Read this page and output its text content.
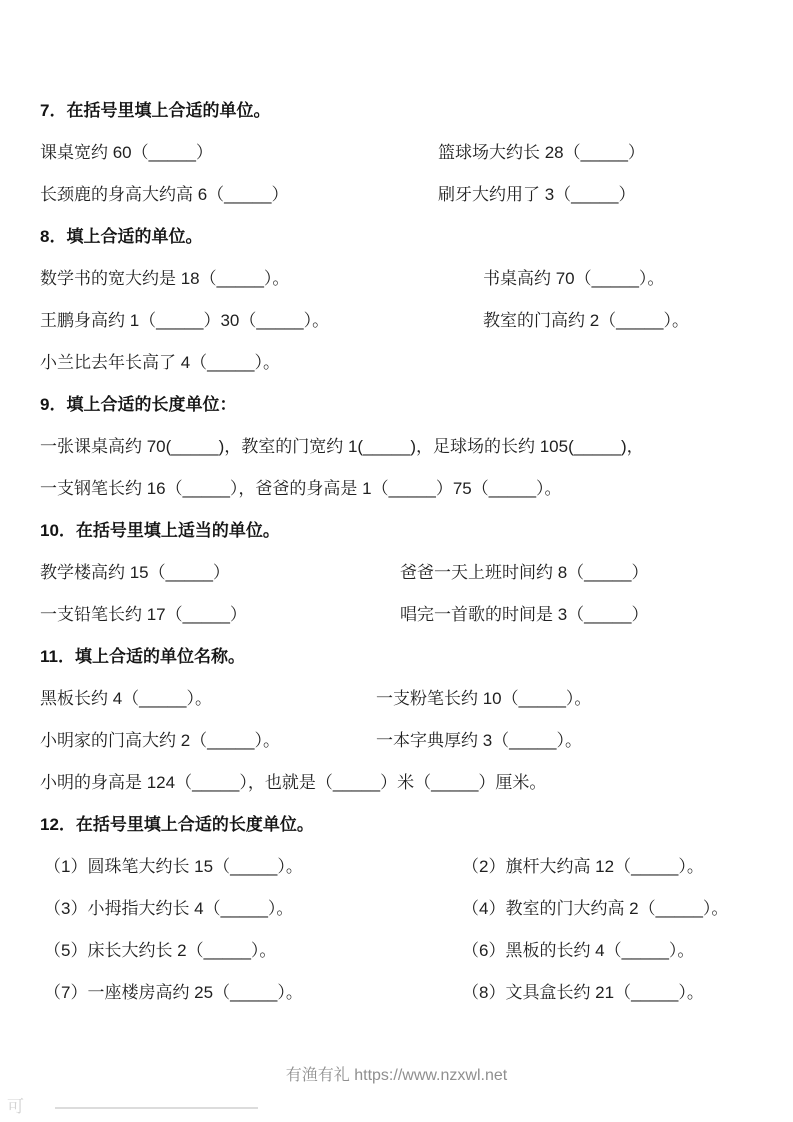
7．在括号里填上合适的单位。
课桌宽约 60（_____）	篮球场大约长 28（_____）
长颈鹿的身高大约高 6（_____）	刷牙大约用了 3（_____）
8．填上合适的单位。
数学书的宽大约是 18（_____）。	书桌高约 70（_____）。
王鹏身高约 1（_____）30（_____）。	教室的门高约 2（_____）。
小兰比去年长高了 4（_____）。
9．填上合适的长度单位：
一张课桌高约 70(_____)，教室的门宽约 1(_____)，足球场的长约 105(_____)，
一支钢笔长约 16（_____），爸爸的身高是 1（_____）75（_____）。
10．在括号里填上适当的单位。
教学楼高约 15（_____）	爸爸一天上班时间约 8（_____）
一支铅笔长约 17（_____）	唱完一首歌的时间是 3（_____）
11．填上合适的单位名称。
黑板长约 4（_____）。	一支粉笔长约 10（_____）。
小明家的门高大约 2（_____）。	一本字典厚约 3（_____）。
小明的身高是 124（_____），也就是（_____）米（_____）厘米。
12．在括号里填上合适的长度单位。
（1）圆珠笔大约长 15（_____）。	（2）旗杆大约高 12（_____）。
（3）小拇指大约长 4（_____）。	（4）教室的门大约高 2（_____）。
（5）床长大约长 2（_____）。	（6）黑板的长约 4（_____）。
（7）一座楼房高约 25（_____）。	（8）文具盒长约 21（_____）。
有渔有礼 https://www.nzxwl.net
可
